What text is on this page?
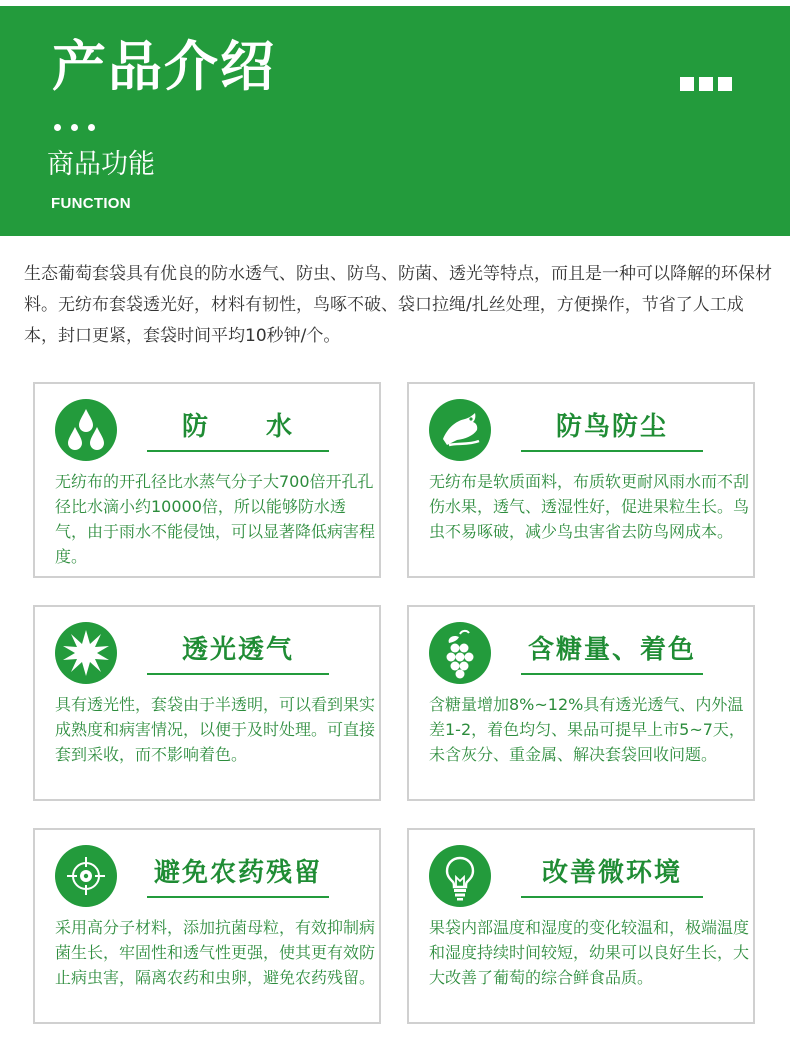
产品介绍
商品功能
FUNCTION
生态葡萄套袋具有优良的防水透气、防虫、防鸟、防菌、透光等特点，而且是一种可以降解的环保材料。无纺布套袋透光好，材料有韧性，鸟啄不破、袋口拉绳/扎丝处理，方便操作，节省了人工成本，封口更紧，套袋时间平均10秒钟/个。
防　　水
无纺布的开孔径比水蒸气分子大700倍开孔孔径比水滴小约10000倍，所以能够防水透气，由于雨水不能侵蚀，可以显著降低病害程度。
防鸟防尘
无纺布是软质面料，布质软更耐风雨水而不刮伤水果，透气、透湿性好，促进果粒生长。鸟虫不易啄破，减少鸟虫害省去防鸟网成本。
透光透气
具有透光性，套袋由于半透明，可以看到果实成熟度和病害情况，以便于及时处理。可直接套到采收，而不影响着色。
含糖量、着色
含糖量增加8%~12%具有透光透气、内外温差1-2，着色均匀、果品可提早上市5~7天，未含灰分、重金属、解决套袋回收问题。
避免农药残留
采用高分子材料，添加抗菌母粒，有效抑制病菌生长，牢固性和透气性更强，使其更有效防止病虫害，隔离农药和虫卵，避免农药残留。
改善微环境
果袋内部温度和湿度的变化较温和，极端温度和湿度持续时间较短，幼果可以良好生长，大大改善了葡萄的综合鲜食品质。
